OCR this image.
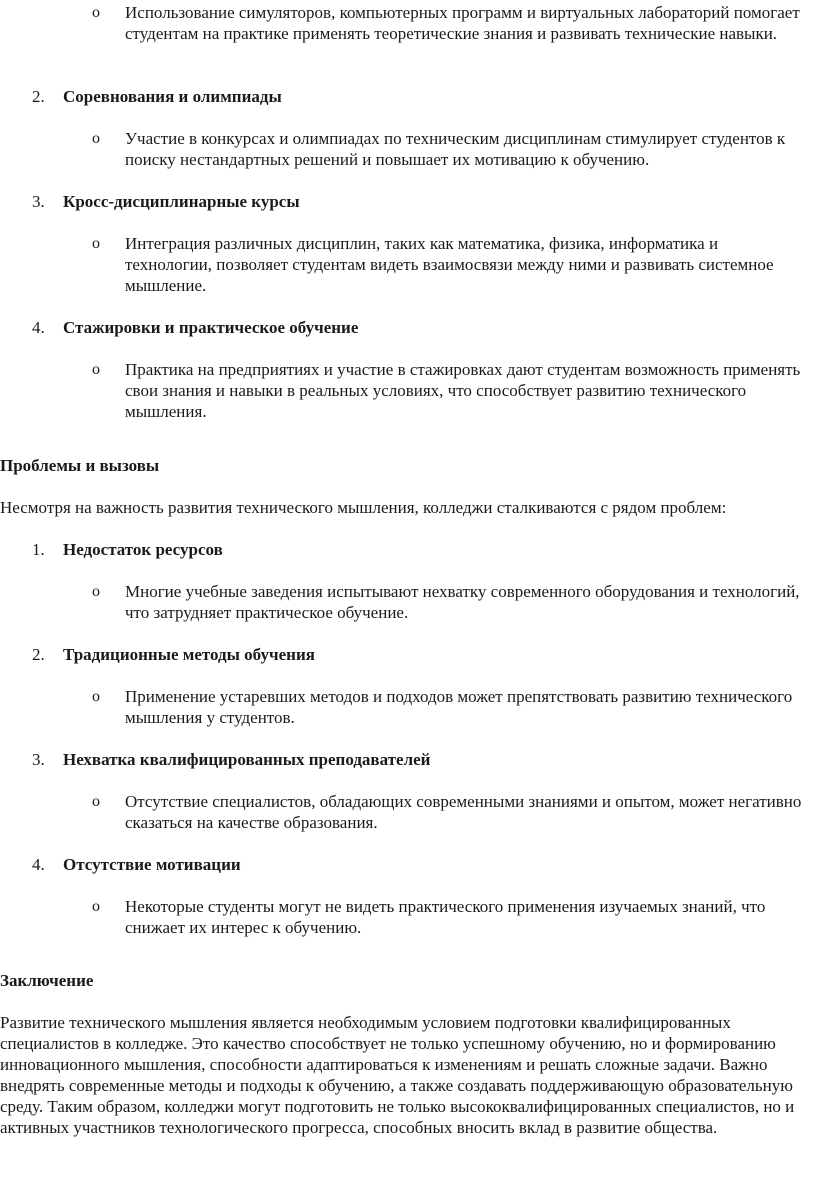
o Использование симуляторов, компьютерных программ и виртуальных лабораторий помогает студентам на практике применять теоретические знания и развивать технические навыки.
2. Соревнования и олимпиады
o Участие в конкурсах и олимпиадах по техническим дисциплинам стимулирует студентов к поиску нестандартных решений и повышает их мотивацию к обучению.
3. Кросс-дисциплинарные курсы
o Интеграция различных дисциплин, таких как математика, физика, информатика и технологии, позволяет студентам видеть взаимосвязи между ними и развивать системное мышление.
4. Стажировки и практическое обучение
o Практика на предприятиях и участие в стажировках дают студентам возможность применять свои знания и навыки в реальных условиях, что способствует развитию технического мышления.
Проблемы и вызовы
Несмотря на важность развития технического мышления, колледжи сталкиваются с рядом проблем:
1. Недостаток ресурсов
o Многие учебные заведения испытывают нехватку современного оборудования и технологий, что затрудняет практическое обучение.
2. Традиционные методы обучения
o Применение устаревших методов и подходов может препятствовать развитию технического мышления у студентов.
3. Нехватка квалифицированных преподавателей
o Отсутствие специалистов, обладающих современными знаниями и опытом, может негативно сказаться на качестве образования.
4. Отсутствие мотивации
o Некоторые студенты могут не видеть практического применения изучаемых знаний, что снижает их интерес к обучению.
Заключение
Развитие технического мышления является необходимым условием подготовки квалифицированных специалистов в колледже. Это качество способствует не только успешному обучению, но и формированию инновационного мышления, способности адаптироваться к изменениям и решать сложные задачи. Важно внедрять современные методы и подходы к обучению, а также создавать поддерживающую образовательную среду. Таким образом, колледжи могут подготовить не только высококвалифицированных специалистов, но и активных участников технологического прогресса, способных вносить вклад в развитие общества.
